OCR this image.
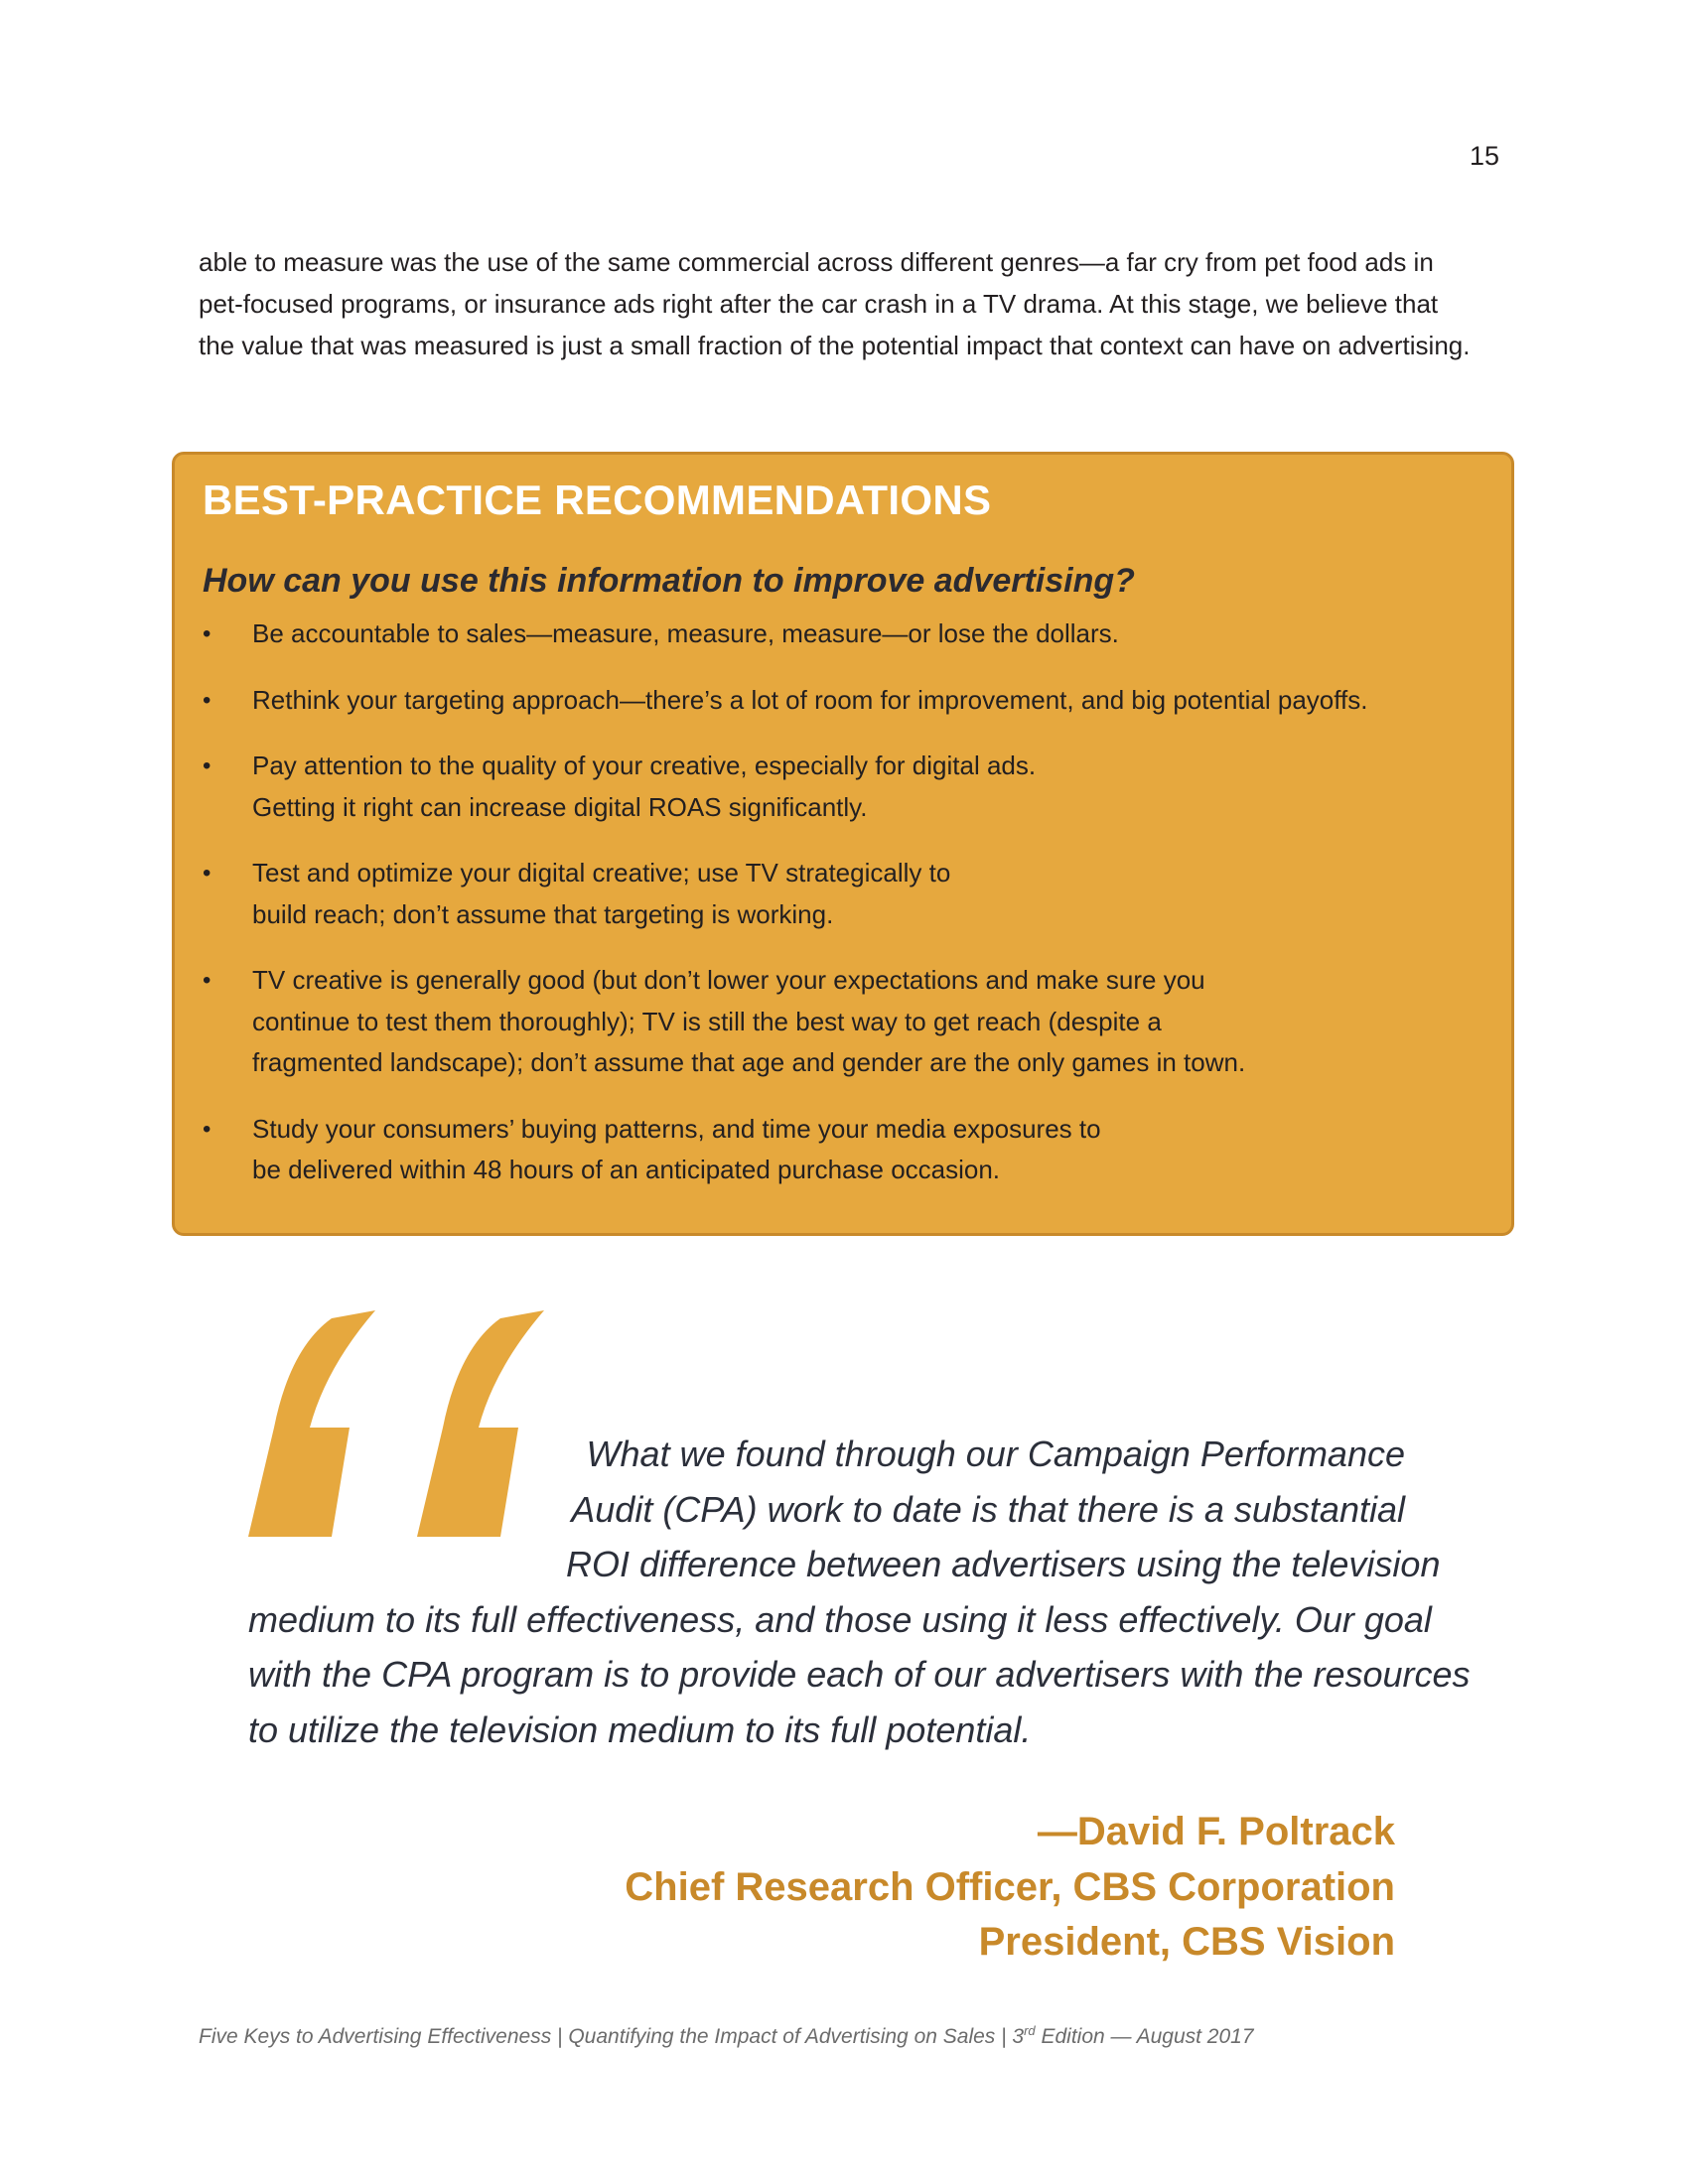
15

able to measure was the use of the same commercial across different genres—a far cry from pet food ads in
pet-focused programs, or insurance ads right after the car crash in a TV drama. At this stage, we believe that
the value that was measured is just a small fraction of the potential impact that context can have on advertising.

BEST-PRACTICE RECOMMENDATIONS
How can you use this information to improve advertising?
• Be accountable to sales—measure, measure, measure—or lose the dollars.
• Rethink your targeting approach—there’s a lot of room for improvement, and big potential payoffs.
• Pay attention to the quality of your creative, especially for digital ads.
Getting it right can increase digital ROAS significantly.
• Test and optimize your digital creative; use TV strategically to
build reach; don’t assume that targeting is working.
• TV creative is generally good (but don’t lower your expectations and make sure you
continue to test them thoroughly); TV is still the best way to get reach (despite a
fragmented landscape); don’t assume that age and gender are the only games in town.
• Study your consumers’ buying patterns, and time your media exposures to
be delivered within 48 hours of an anticipated purchase occasion.
What we found through our Campaign Performance
Audit (CPA) work to date is that there is a substantial
ROI difference between advertisers using the television
medium to its full effectiveness, and those using it less effectively. Our goal
with the CPA program is to provide each of our advertisers with the resources
to utilize the television medium to its full potential.
—David F. Poltrack
Chief Research Officer, CBS Corporation
President, CBS Vision
Five Keys to Advertising Effectiveness | Quantifying the Impact of Advertising on Sales | 3rd Edition — August 2017
